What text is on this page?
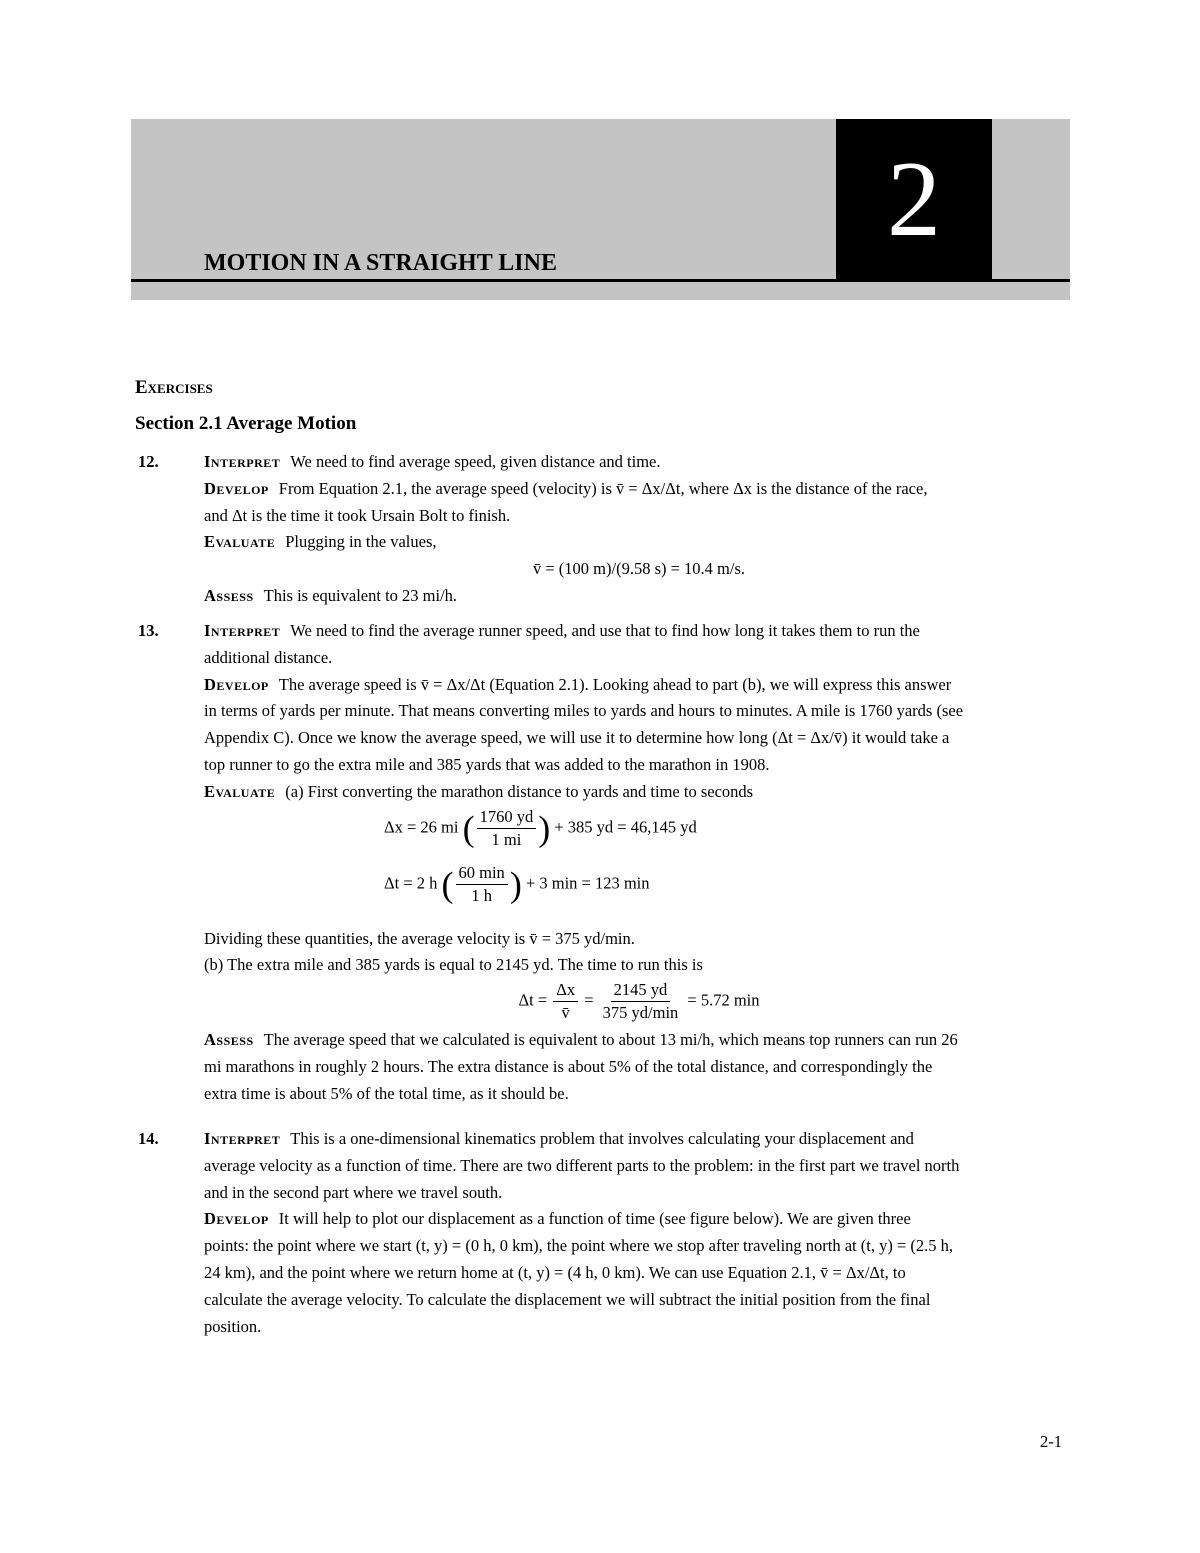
2
MOTION IN A STRAIGHT LINE
Exercises
Section 2.1 Average Motion
12.	Interpret We need to find average speed, given distance and time.
Develop From Equation 2.1, the average speed (velocity) is v̄ = Δx/Δt, where Δx is the distance of the race,
and Δt is the time it took Ursain Bolt to finish.
Evaluate Plugging in the values,
v̄ = (100 m)/(9.58 s) = 10.4 m/s.
Assess This is equivalent to 23 mi/h.
13.	Interpret We need to find the average runner speed, and use that to find how long it takes them to run the
additional distance.
Develop The average speed is v̄ = Δx/Δt (Equation 2.1). Looking ahead to part (b), we will express this answer
in terms of yards per minute. That means converting miles to yards and hours to minutes. A mile is 1760 yards (see
Appendix C). Once we know the average speed, we will use it to determine how long (Δt = Δx/v̄) it would take a
top runner to go the extra mile and 385 yards that was added to the marathon in 1908.
Evaluate (a) First converting the marathon distance to yards and time to seconds
Δx = 26 mi ( $\frac{1760 yd}{1 mi}$ ) + 385 yd = 46,145 yd
Δt = 2 h ( $\frac{60 \min}{1 h}$ ) + 3 min = 123 min
Dividing these quantities, the average velocity is v̄ = 375 yd/min.
(b) The extra mile and 385 yards is equal to 2145 yd. The time to run this is
$\Delta t = \frac{\Delta x}{v̄} = \frac{2145 yd}{375 yd/\min} = 5.72$ min
Assess The average speed that we calculated is equivalent to about 13 mi/h, which means top runners can run 26
mi marathons in roughly 2 hours. The extra distance is about 5% of the total distance, and correspondingly the
extra time is about 5% of the total time, as it should be.
14.	Interpret This is a one-dimensional kinematics problem that involves calculating your displacement and
average velocity as a function of time. There are two different parts to the problem: in the first part we travel north
and in the second part where we travel south.
Develop It will help to plot our displacement as a function of time (see figure below). We are given three
points: the point where we start (t, y) = (0 h, 0 km), the point where we stop after traveling north at (t, y) = (2.5 h,
24 km), and the point where we return home at (t, y) = (4 h, 0 km). We can use Equation 2.1, v̄ = Δx/Δt, to
calculate the average velocity. To calculate the displacement we will subtract the initial position from the final
position.
2-1
